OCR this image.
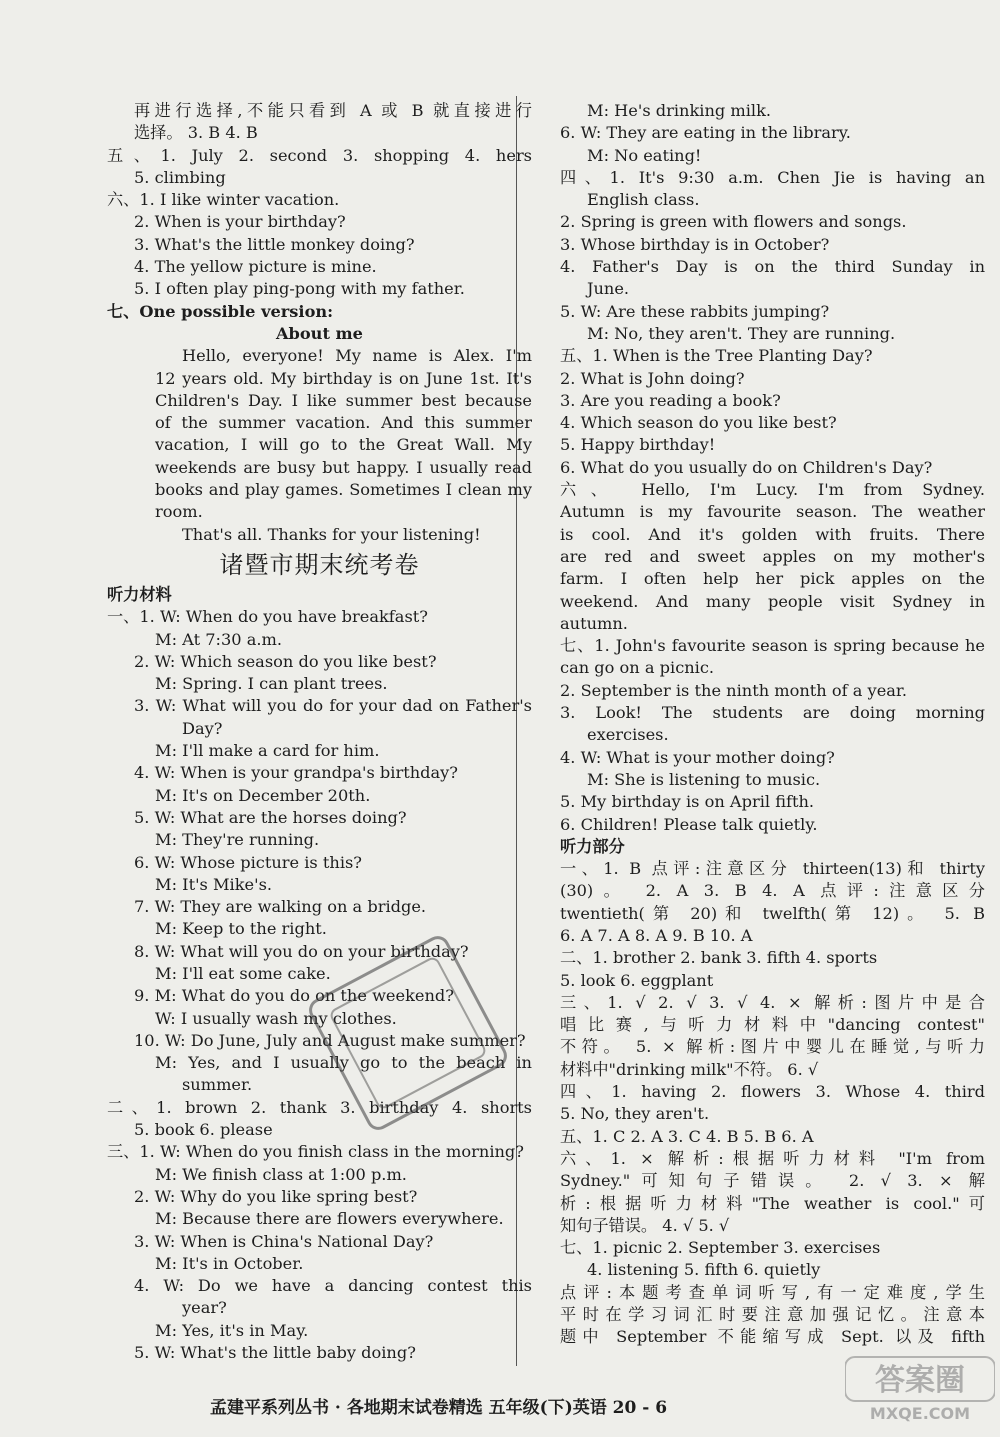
再进行选择,不能只看到 A 或 B 就直接进行
选择。 3. B 4. B
五、1. July 2. second 3. shopping 4. hers
5. climbing
六、1. I like winter vacation.
2. When is your birthday?
3. What's the little monkey doing?
4. The yellow picture is mine.
5. I often play ping-pong with my father.
七、One possible version:
About me
Hello, everyone! My name is Alex. I'm
12 years old. My birthday is on June 1st. It's
Children's Day. I like summer best because
of the summer vacation. And this summer
vacation, I will go to the Great Wall. My
weekends are busy but happy. I usually read
books and play games. Sometimes I clean my
room.
That's all. Thanks for your listening!
诸暨市期末统考卷
听力材料
一、1. W: When do you have breakfast?
M: At 7:30 a.m.
2. W: Which season do you like best?
M: Spring. I can plant trees.
3. W: What will you do for your dad on Father's
Day?
M: I'll make a card for him.
4. W: When is your grandpa's birthday?
M: It's on December 20th.
5. W: What are the horses doing?
M: They're running.
6. W: Whose picture is this?
M: It's Mike's.
7. W: They are walking on a bridge.
M: Keep to the right.
8. W: What will you do on your birthday?
M: I'll eat some cake.
9. M: What do you do on the weekend?
W: I usually wash my clothes.
10. W: Do June, July and August make summer?
M: Yes, and I usually go to the beach in
summer.
二、1. brown 2. thank 3. birthday 4. shorts
5. book 6. please
三、1. W: When do you finish class in the morning?
M: We finish class at 1:00 p.m.
2. W: Why do you like spring best?
M: Because there are flowers everywhere.
3. W: When is China's National Day?
M: It's in October.
4. W: Do we have a dancing contest this
year?
M: Yes, it's in May.
5. W: What's the little baby doing?
M: He's drinking milk.
6. W: They are eating in the library.
M: No eating!
四、1. It's 9:30 a.m. Chen Jie is having an
English class.
2. Spring is green with flowers and songs.
3. Whose birthday is in October?
4. Father's Day is on the third Sunday in
June.
5. W: Are these rabbits jumping?
M: No, they aren't. They are running.
五、1. When is the Tree Planting Day?
2. What is John doing?
3. Are you reading a book?
4. Which season do you like best?
5. Happy birthday!
6. What do you usually do on Children's Day?
六、 Hello, I'm Lucy. I'm from Sydney.
Autumn is my favourite season. The weather
is cool. And it's golden with fruits. There
are red and sweet apples on my mother's
farm. I often help her pick apples on the
weekend. And many people visit Sydney in
autumn.
七、1. John's favourite season is spring because he
can go on a picnic.
2. September is the ninth month of a year.
3. Look! The students are doing morning
exercises.
4. W: What is your mother doing?
M: She is listening to music.
5. My birthday is on April fifth.
6. Children! Please talk quietly.
听力部分
一、1. B 点评:注意区分 thirteen(13)和 thirty
(30)。 2. A 3. B 4. A 点评:注意区分
twentieth(第 20)和 twelfth(第 12)。 5. B
6. A 7. A 8. A 9. B 10. A
二、1. brother 2. bank 3. fifth 4. sports
5. look 6. eggplant
三、1. √ 2. √ 3. √ 4. × 解析:图片中是合
唱比赛,与听力材料中"dancing contest"
不符。 5. × 解析:图片中婴儿在睡觉,与听力
材料中"drinking milk"不符。 6. √
四、1. having 2. flowers 3. Whose 4. third
5. No, they aren't.
五、1. C 2. A 3. C 4. B 5. B 6. A
六、1. × 解析:根据听力材料 "I'm from
Sydney."可知句子错误。 2. √ 3. × 解
析:根据听力材料"The weather is cool."可
知句子错误。 4. √ 5. √
七、1. picnic 2. September 3. exercises
4. listening 5. fifth 6. quietly
点评:本题考查单词听写,有一定难度,学生
平时在学习词汇时要注意加强记忆。注意本
题中 September 不能缩写成 Sept. 以及 fifth
孟建平系列丛书 · 各地期末试卷精选 五年级(下)英语 20 - 6
答案圈
MXQE.COM
